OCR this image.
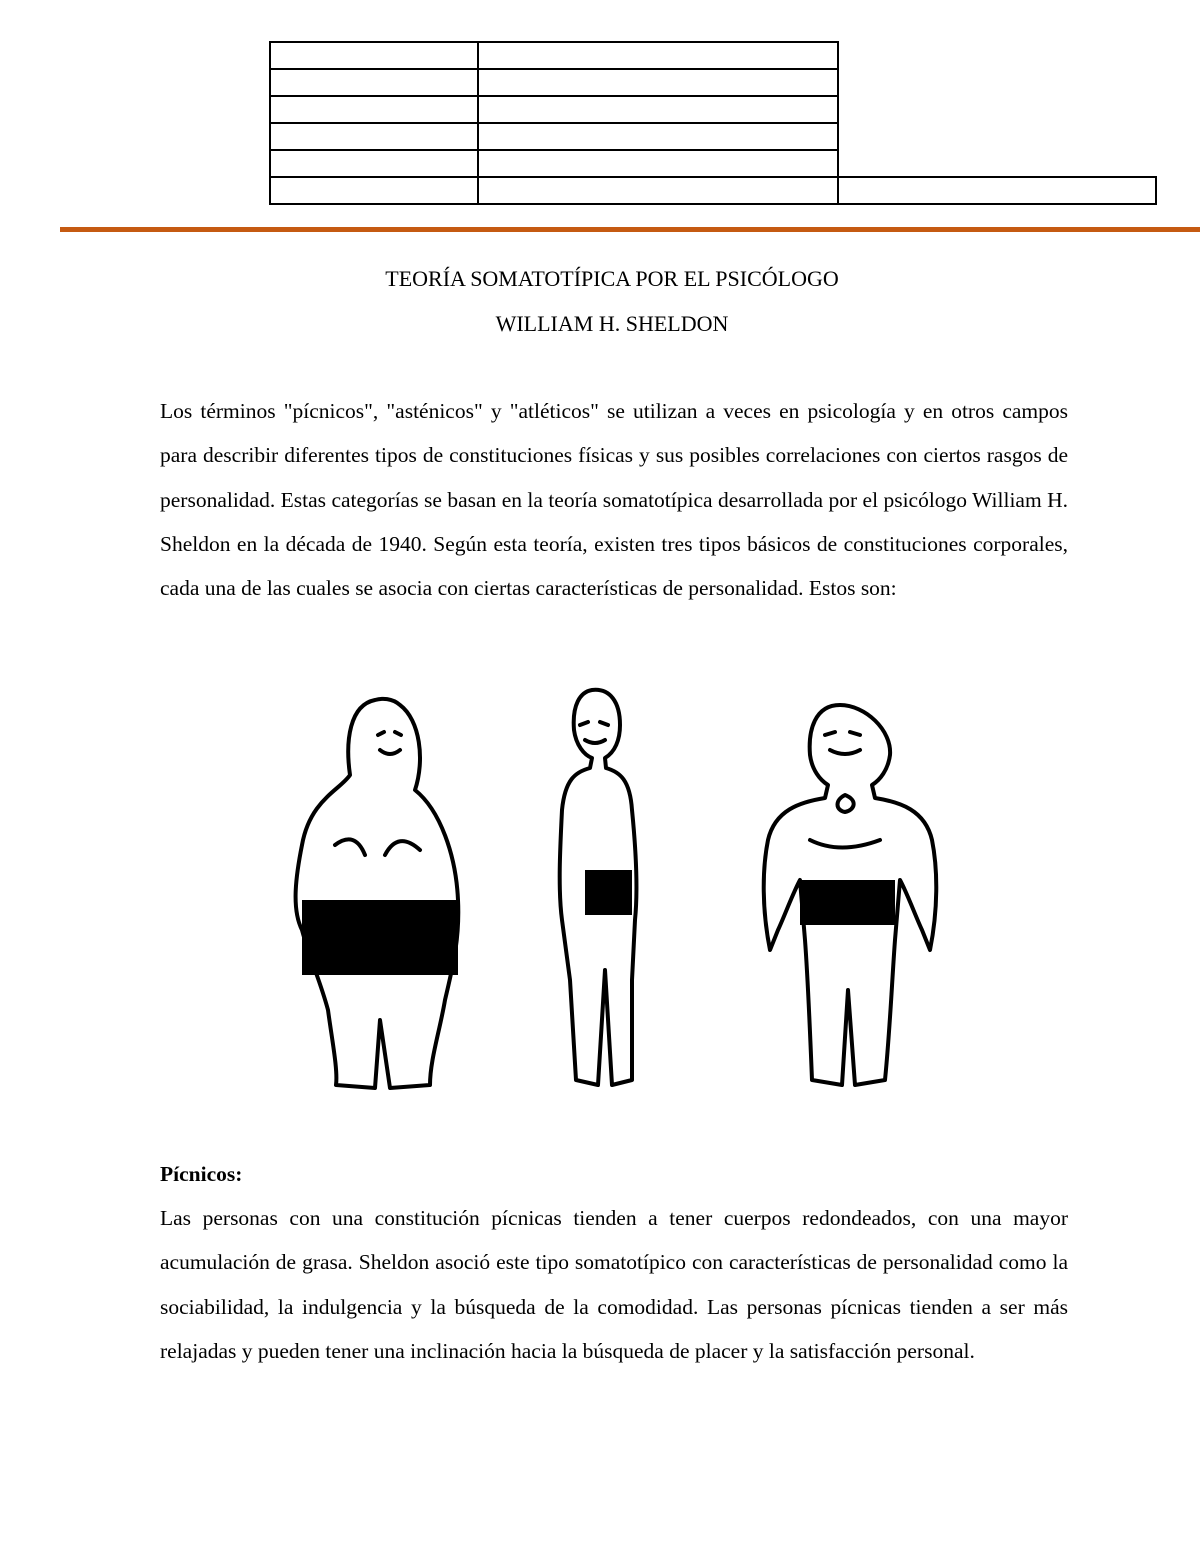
TEORÍA SOMATOTÍPICA POR EL PSICÓLOGO
WILLIAM H. SHELDON

Los términos "pícnicos", "asténicos" y "atléticos" se utilizan a veces en psicología y en otros campos para describir diferentes tipos de constituciones físicas y sus posibles correlaciones con ciertos rasgos de personalidad. Estas categorías se basan en la teoría somatotípica desarrollada por el psicólogo William H. Sheldon en la década de 1940. Según esta teoría, existen tres tipos básicos de constituciones corporales, cada una de las cuales se asocia con ciertas características de personalidad. Estos son:

Pícnicos:

Las personas con una constitución pícnicas tienden a tener cuerpos redondeados, con una mayor acumulación de grasa. Sheldon asoció este tipo somatotípico con características de personalidad como la sociabilidad, la indulgencia y la búsqueda de la comodidad. Las personas pícnicas tienden a ser más relajadas y pueden tener una inclinación hacia la búsqueda de placer y la satisfacción personal.
